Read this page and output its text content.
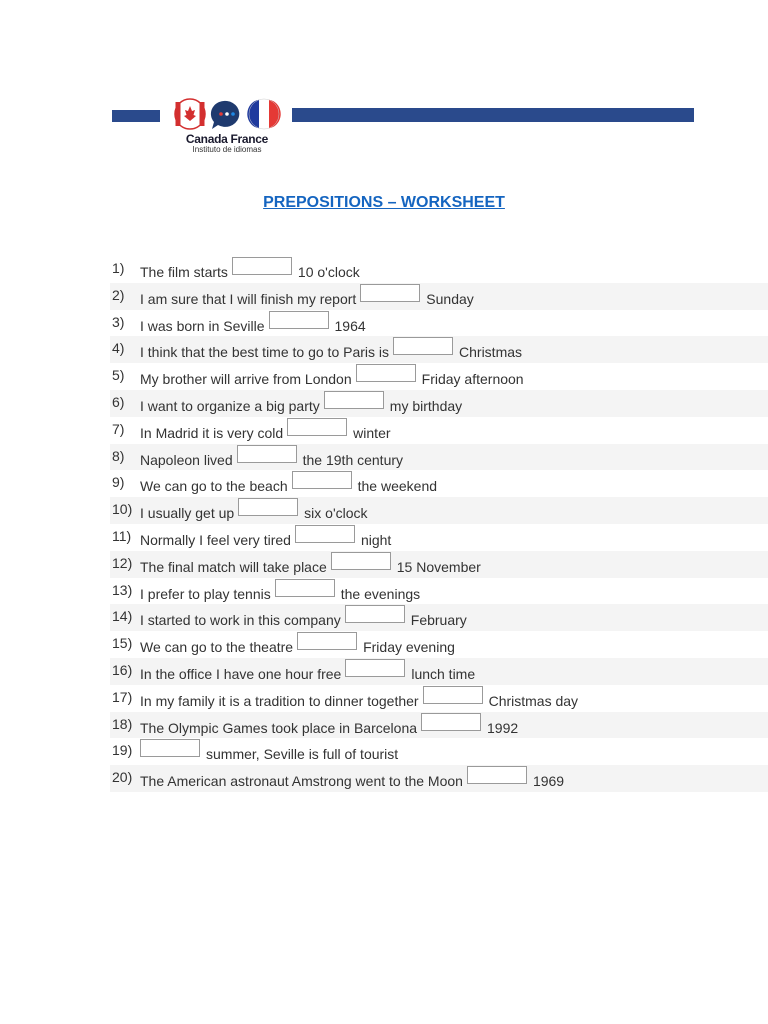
Canada France
Instituto de idiomas
PREPOSITIONS – WORKSHEET
1) The film starts	10 o'clock
2) I am sure that I will finish my report	Sunday
3) I was born in Seville	1964
4) I think that the best time to go to Paris is	Christmas
5) My brother will arrive from London	Friday afternoon
6) I want to organize a big party	my birthday
7) In Madrid it is very cold	winter
8) Napoleon lived	the 19th century
9) We can go to the beach	the weekend
10) I usually get up	six o'clock
11) Normally I feel very tired	night
12) The final match will take place	15 November
13) I prefer to play tennis	the evenings
14) I started to work in this company	February
15) We can go to the theatre	Friday evening
16) In the office I have one hour free	lunch time
17) In my family it is a tradition to dinner together	Christmas day
18) The Olympic Games took place in Barcelona	1992
19)	summer, Seville is full of tourist
20) The American astronaut Amstrong went to the Moon	1969
